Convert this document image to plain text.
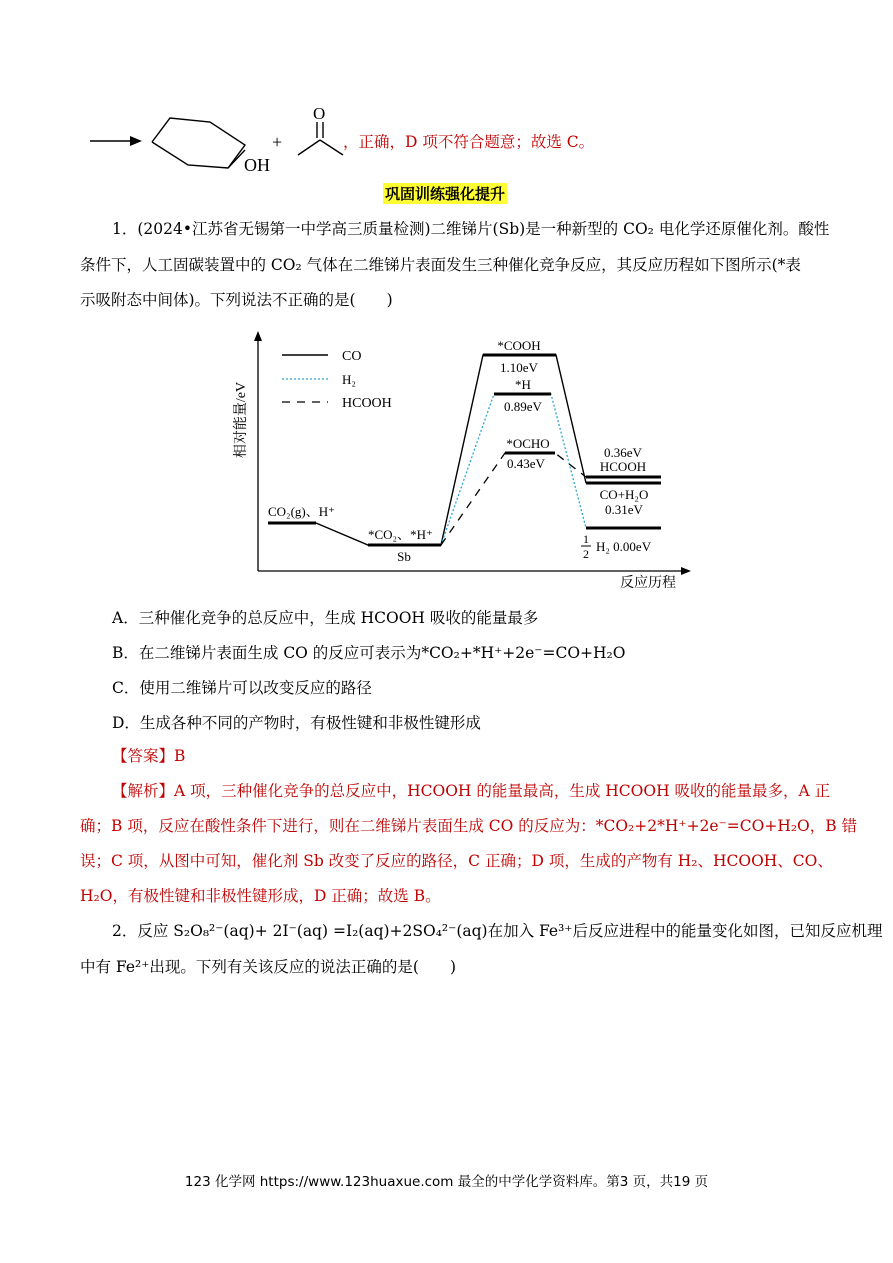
OH
+
O
，正确，D 项不符合题意；故选 C。
巩固训练强化提升
1．(2024•江苏省无锡第一中学高三质量检测)二维锑片(Sb)是一种新型的 CO₂ 电化学还原催化剂。酸性
条件下，人工固碳装置中的 CO₂ 气体在二维锑片表面发生三种催化竞争反应，其反应历程如下图所示(*表
示吸附态中间体)。下列说法不正确的是(　　)
相对能量/eV
反应历程
CO
H₂
HCOOH
CO₂(g)、H⁺
*CO₂、*H⁺
Sb
*COOH
1.10eV
*H
0.89eV
*OCHO
0.43eV
0.36eV
HCOOH
CO+H₂O
0.31eV
1
2 H₂ 0.00eV
A．三种催化竞争的总反应中，生成 HCOOH 吸收的能量最多
B．在二维锑片表面生成 CO 的反应可表示为*CO₂+*H⁺+2e⁻=CO+H₂O
C．使用二维锑片可以改变反应的路径
D．生成各种不同的产物时，有极性键和非极性键形成
【答案】B
【解析】A 项，三种催化竞争的总反应中，HCOOH 的能量最高，生成 HCOOH 吸收的能量最多，A 正
确；B 项，反应在酸性条件下进行，则在二维锑片表面生成 CO 的反应为：*CO₂+2*H⁺+2e⁻=CO+H₂O，B 错
误；C 项，从图中可知，催化剂 Sb 改变了反应的路径，C 正确；D 项，生成的产物有 H₂、HCOOH、CO、
H₂O，有极性键和非极性键形成，D 正确；故选 B。
2．反应 S₂O₈²⁻(aq)+ 2I⁻(aq) =I₂(aq)+2SO₄²⁻(aq)在加入 Fe³⁺后反应进程中的能量变化如图，已知反应机理
中有 Fe²⁺出现。下列有关该反应的说法正确的是(　　)
123 化学网 https://www.123huaxue.com 最全的中学化学资料库。第3 页，共19 页
